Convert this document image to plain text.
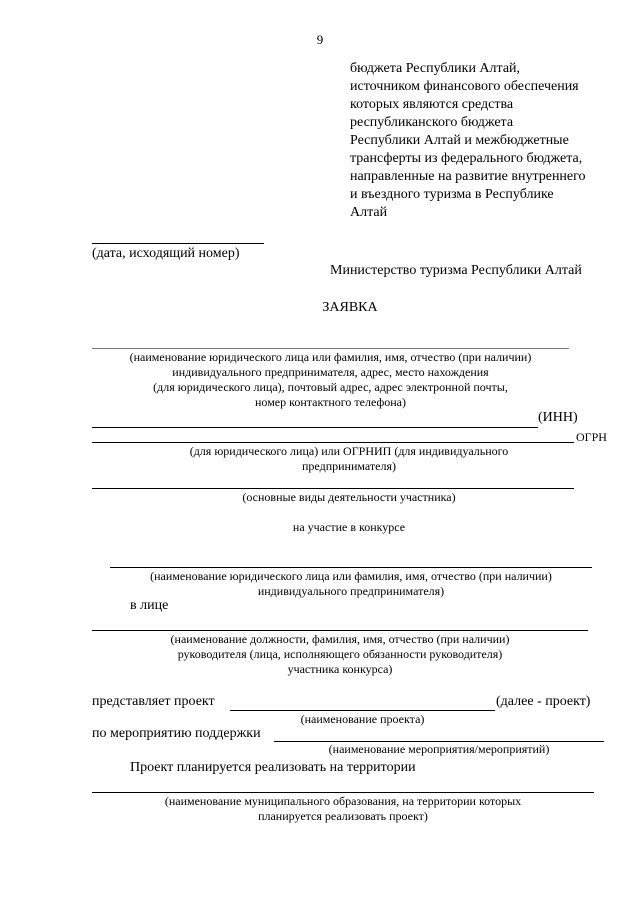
9
бюджета Республики Алтай,
источником финансового обеспечения
которых являются средства
республиканского бюджета
Республики Алтай и межбюджетные
трансферты из федерального бюджета,
направленные на развитие внутреннего
и въездного туризма в Республике
Алтай
(дата, исходящий номер)
Министерство туризма Республики Алтай
ЗАЯВКА
(наименование юридического лица или фамилия, имя, отчество (при наличии)
индивидуального предпринимателя, адрес, место нахождения
(для юридического лица), почтовый адрес, адрес электронной почты,
номер контактного телефона)
(ИНН)
ОГРН
(для юридического лица) или ОГРНИП (для индивидуального
предпринимателя)
(основные виды деятельности участника)
на участие в конкурсе
(наименование юридического лица или фамилия, имя, отчество (при наличии)
индивидуального предпринимателя)
в лице
(наименование должности, фамилия, имя, отчество (при наличии)
руководителя (лица, исполняющего обязанности руководителя)
участника конкурса)
представляет проект	(далее - проект)
(наименование проекта)
по мероприятию поддержки
(наименование мероприятия/мероприятий)
Проект планируется реализовать на территории
(наименование муниципального образования, на территории которых
планируется реализовать проект)
